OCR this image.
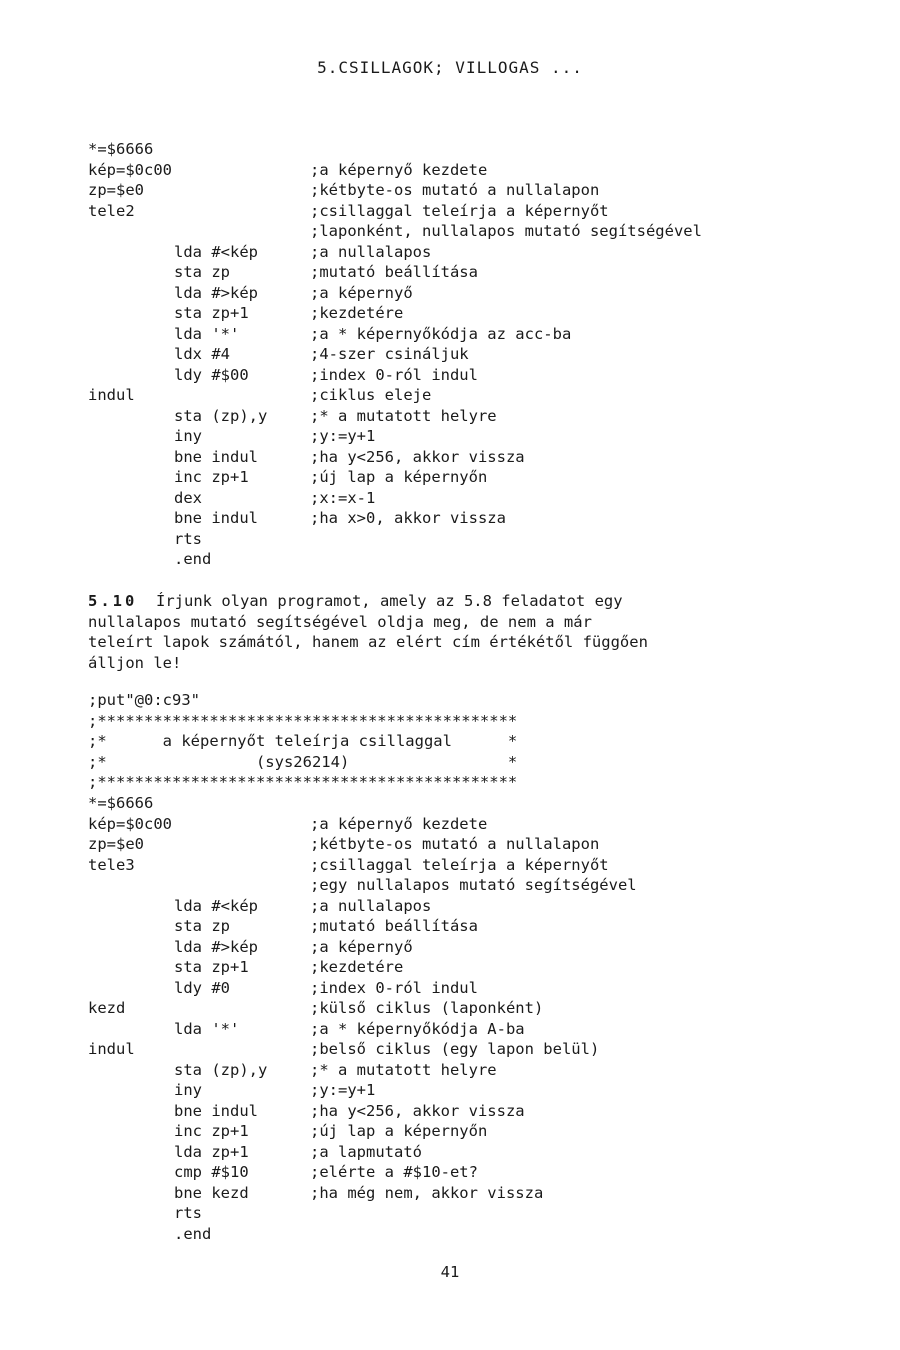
5.CSILLAGOK; VILLOGAS ...
*=$6666
kép=$0c00	;a képernyő kezdete
zp=$e0	;kétbyte-os mutató a nullalapon
tele2	;csillaggal teleírja a képernyőt
;laponként, nullalapos mutató segítségével
lda #<kép	;a nullalapos
sta zp	;mutató beállítása
lda #>kép	;a képernyő
sta zp+1	;kezdetére
lda '*'	;a * képernyőkódja az acc-ba
ldx #4	;4-szer csináljuk
ldy #$00	;index 0-ról indul
indul	;ciklus eleje
sta (zp),y	;* a mutatott helyre
iny	;y:=y+1
bne indul	;ha y<256, akkor vissza
inc zp+1	;új lap a képernyőn
dex	;x:=x-1
bne indul	;ha x>0, akkor vissza
rts
.end

5.10 Írjunk olyan programot, amely az 5.8 feladatot egy

nullalapos mutató segítségével oldja meg, de nem a már

teleírt lapok számától, hanem az elért cím értékétől függően

álljon le!

;put"@0:c93"
;*********************************************
;*      a képernyőt teleírja csillaggal      *
;*                (sys26214)                 *
;*********************************************
*=$6666
kép=$0c00	;a képernyő kezdete
zp=$e0	;kétbyte-os mutató a nullalapon
tele3	;csillaggal teleírja a képernyőt
;egy nullalapos mutató segítségével
lda #<kép	;a nullalapos
sta zp	;mutató beállítása
lda #>kép	;a képernyő
sta zp+1	;kezdetére
ldy #0	;index 0-ról indul
kezd	;külső ciklus (laponként)
lda '*'	;a * képernyőkódja A-ba
indul	;belső ciklus (egy lapon belül)
sta (zp),y	;* a mutatott helyre
iny	;y:=y+1
bne indul	;ha y<256, akkor vissza
inc zp+1	;új lap a képernyőn
lda zp+1	;a lapmutató
cmp #$10	;elérte a #$10-et?
bne kezd	;ha még nem, akkor vissza
rts
.end
41
